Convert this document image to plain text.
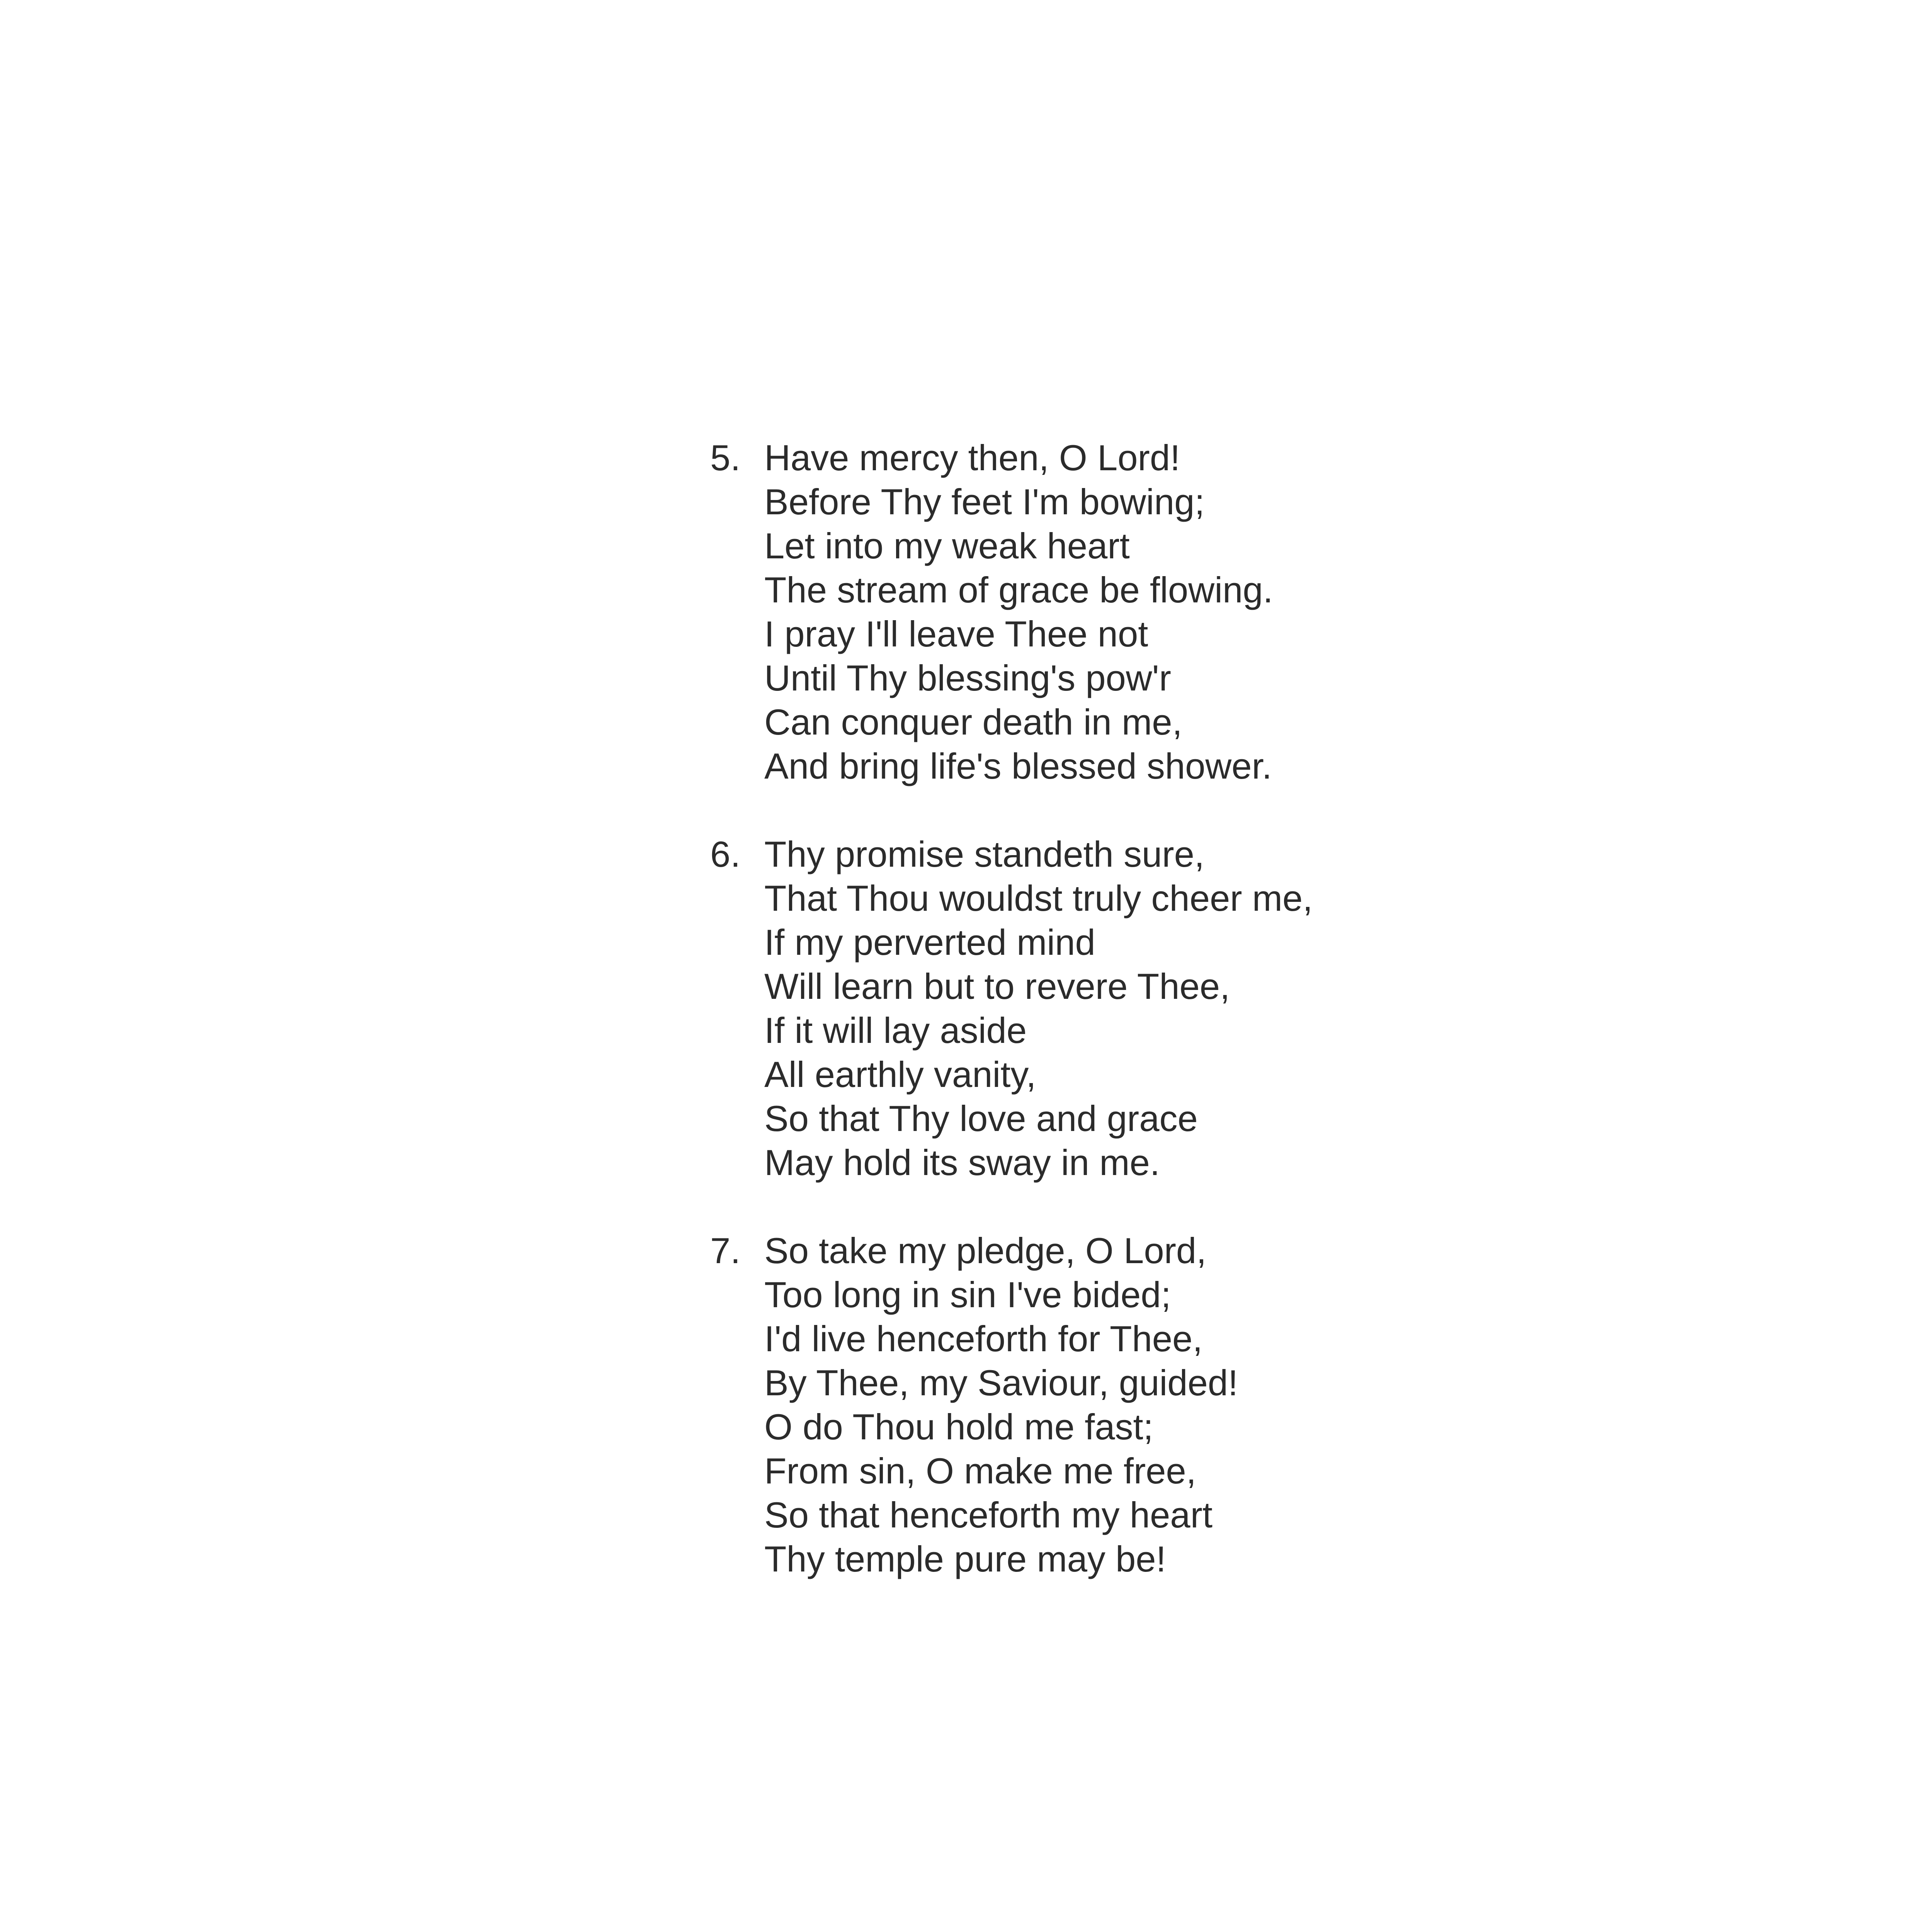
5. Have mercy then, O Lord!
Before Thy feet I'm bowing;
Let into my weak heart
The stream of grace be flowing.
I pray I'll leave Thee not
Until Thy blessing's pow'r
Can conquer death in me,
And bring life's blessed shower.
6. Thy promise standeth sure,
That Thou wouldst truly cheer me,
If my perverted mind
Will learn but to revere Thee,
If it will lay aside
All earthly vanity,
So that Thy love and grace
May hold its sway in me.
7. So take my pledge, O Lord,
Too long in sin I've bided;
I'd live henceforth for Thee,
By Thee, my Saviour, guided!
O do Thou hold me fast;
From sin, O make me free,
So that henceforth my heart
Thy temple pure may be!
